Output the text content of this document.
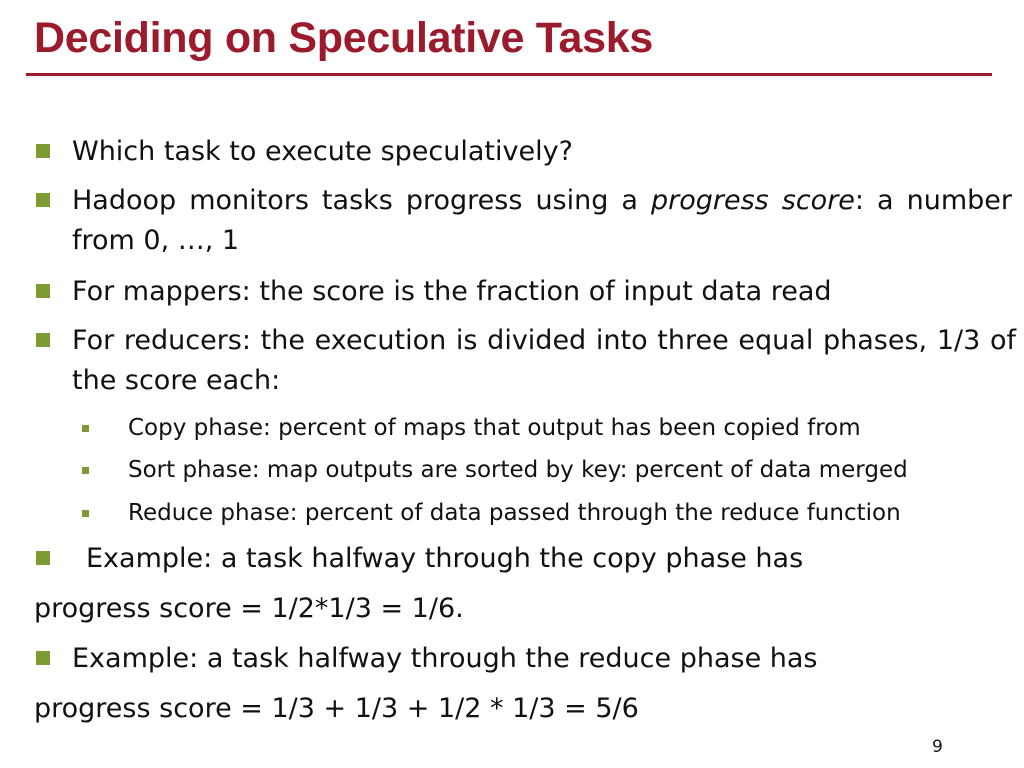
Deciding on Speculative Tasks
Which task to execute speculatively?
Hadoop monitors tasks progress using a progress score: a number from 0, …, 1
For mappers: the score is the fraction of input data read
For reducers: the execution is divided into three equal phases, 1/3 of the score each:
Copy phase: percent of maps that output has been copied from
Sort phase: map outputs are sorted by key: percent of data merged
Reduce phase: percent of data passed through the reduce function
Example: a task halfway through the copy phase has
progress score = 1/2*1/3 = 1/6.
Example: a task halfway through the reduce phase has
progress score = 1/3 + 1/3 + 1/2 * 1/3 = 5/6
9
